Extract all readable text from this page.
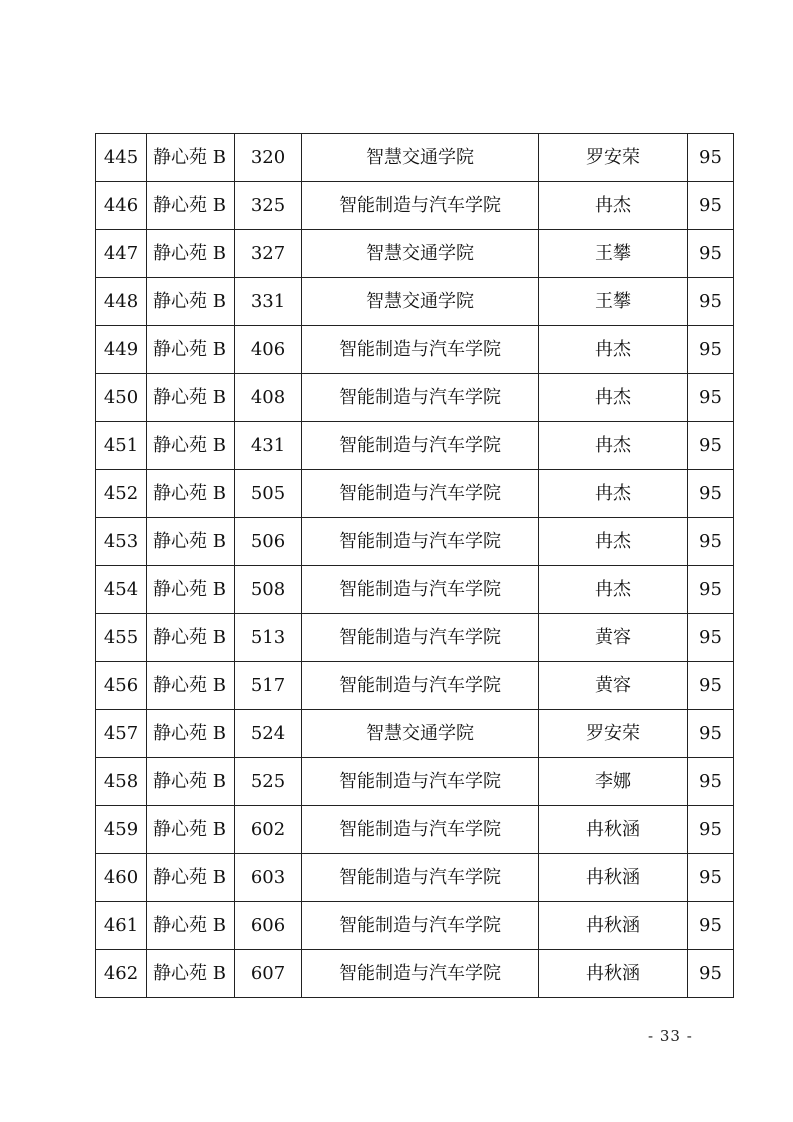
445	静心苑 B	320	智慧交通学院	罗安荣	95
446	静心苑 B	325	智能制造与汽车学院	冉杰	95
447	静心苑 B	327	智慧交通学院	王攀	95
448	静心苑 B	331	智慧交通学院	王攀	95
449	静心苑 B	406	智能制造与汽车学院	冉杰	95
450	静心苑 B	408	智能制造与汽车学院	冉杰	95
451	静心苑 B	431	智能制造与汽车学院	冉杰	95
452	静心苑 B	505	智能制造与汽车学院	冉杰	95
453	静心苑 B	506	智能制造与汽车学院	冉杰	95
454	静心苑 B	508	智能制造与汽车学院	冉杰	95
455	静心苑 B	513	智能制造与汽车学院	黄容	95
456	静心苑 B	517	智能制造与汽车学院	黄容	95
457	静心苑 B	524	智慧交通学院	罗安荣	95
458	静心苑 B	525	智能制造与汽车学院	李娜	95
459	静心苑 B	602	智能制造与汽车学院	冉秋涵	95
460	静心苑 B	603	智能制造与汽车学院	冉秋涵	95
461	静心苑 B	606	智能制造与汽车学院	冉秋涵	95
462	静心苑 B	607	智能制造与汽车学院	冉秋涵	95
- 33 -
